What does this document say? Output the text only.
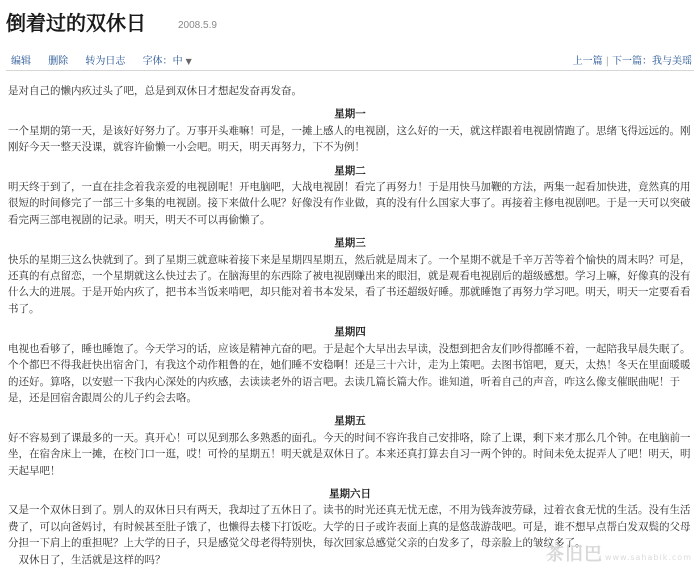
倒着过的双休日	2008.5.9
编辑 删除 转为日志 字体：中 ▼	上一篇 | 下一篇：我与美瑶
是对自己的懒内疚过头了吧，总是到双休日才想起发奋再发奋。
星期一
一个星期的第一天，是该好好努力了。万事开头难嘛！可是，一摊上感人的电视剧，这么好的一天，就这样跟着电视剧情跑了。思绪飞得远远的。刚刚好今天一整天没课，就容许偷懒一小会吧。明天，明天再努力，下不为例！
星期二
明天终于到了，一直在挂念着我亲爱的电视剧呢！开电脑吧，大战电视剧！看完了再努力！于是用快马加鞭的方法，两集一起看加快进，竟然真的用很短的时间修完了一部三十多集的电视剧。接下来做什么呢？好像没有作业做，真的没有什么国家大事了。再接着主修电视剧吧。于是一天可以突破看完两三部电视剧的记录。明天，明天不可以再偷懒了。
星期三
快乐的星期三这么快就到了。到了星期三就意味着接下来是星期四星期五，然后就是周末了。一个星期不就是千辛万苦等着个愉快的周末吗？可是，还真的有点留恋，一个星期就这么快过去了。在脑海里的东西除了被电视剧赚出来的眼泪，就是观看电视剧后的超级感想。学习上嘛，好像真的没有什么大的进展。于是开始内疚了，把书本当饭来啃吧，却只能对着书本发呆，看了书还超级好睡。那就睡饱了再努力学习吧。明天，明天一定要看看书了。
星期四
电视也看够了，睡也睡饱了。今天学习的话，应该是精神亢奋的吧。于是起个大早出去早读，没想到把舍友们吵得都睡不着，一起陪我早晨失眠了。个个都巴不得我赶快出宿舍门，有我这个动作粗鲁的在，她们睡不安稳啊！还是三十六计，走为上策吧。去图书馆吧，夏天，太热！冬天在里面暖暖的还好。算咯，以安慰一下我内心深处的内疚感，去读读老外的语言吧。去读几篇长篇大作。谁知道，听着自己的声音，咋这么像支催眠曲呢！于是，还是回宿舍跟周公的儿子约会去咯。
星期五
好不容易到了课最多的一天。真开心！可以见到那么多熟悉的面孔。今天的时间不容许我自己安排咯，除了上课，剩下来才那么几个钟。在电脑前一坐，在宿舍床上一摊，在校门口一逛，哎！可怜的星期五！明天就是双休日了。本来还真打算去自习一两个钟的。时间未免太捉弄人了吧！明天，明天起早吧！
星期六日
又是一个双休日到了。别人的双休日只有两天，我却过了五休日了。读书的时光还真无忧无虑，不用为钱奔波劳碌，过着衣食无忧的生活。没有生活费了，可以向爸妈讨，有时候甚至肚子饿了，也懒得去楼下打饭吃。大学的日子或许表面上真的是悠哉游哉吧。可是，谁不想早点帮白发双鬓的父母分担一下肩上的重担呢？上大学的日子，只是感觉父母老得特别快，每次回家总感觉父亲的白发多了，母亲脸上的皱纹多了。
双休日了，生活就是这样的吗？	茶旧巴 www.sahabik.com
